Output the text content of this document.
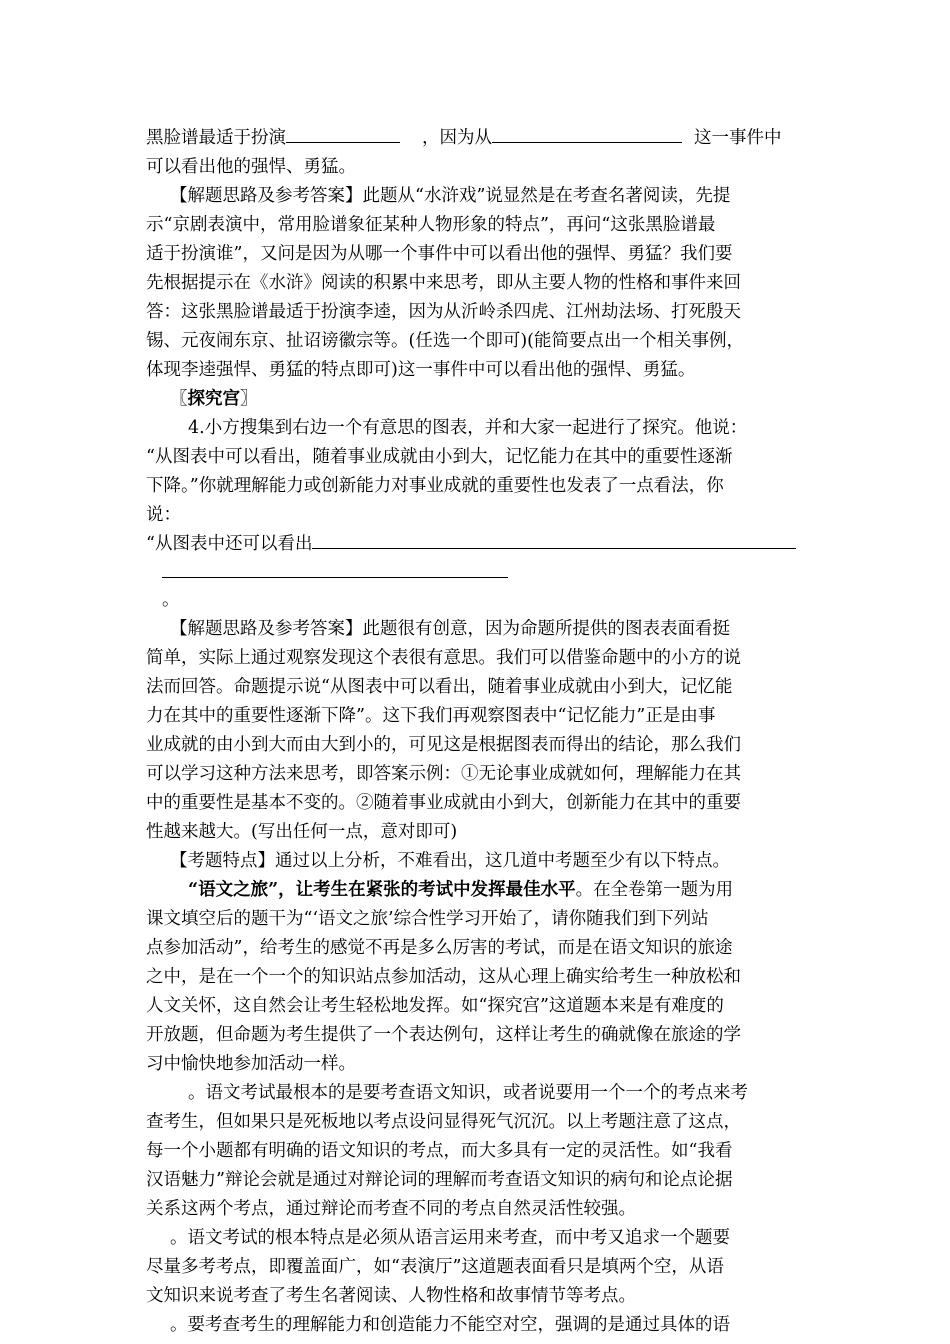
黑脸谱最适于扮演	，因为从	这一事件中
可以看出他的强悍、勇猛。
【解题思路及参考答案】此题从“水浒戏”说显然是在考查名著阅读，先提
示“京剧表演中，常用脸谱象征某种人物形象的特点”，再问“这张黑脸谱最
适于扮演谁”，又问是因为从哪一个事件中可以看出他的强悍、勇猛？我们要
先根据提示在《水浒》阅读的积累中来思考，即从主要人物的性格和事件来回
答：这张黑脸谱最适于扮演李逵，因为从沂岭杀四虎、江州劫法场、打死殷天
锡、元夜闹东京、扯诏谤徽宗等。(任选一个即可)(能简要点出一个相关事例，
体现李逵强悍、勇猛的特点即可)这一事件中可以看出他的强悍、勇猛。
〖探究宫〗
4.小方搜集到右边一个有意思的图表，并和大家一起进行了探究。他说：
“从图表中可以看出，随着事业成就由小到大，记忆能力在其中的重要性逐渐
下降。”你就理解能力或创新能力对事业成就的重要性也发表了一点看法，你
说：
“从图表中还可以看出
。
【解题思路及参考答案】此题很有创意，因为命题所提供的图表表面看挺
简单，实际上通过观察发现这个表很有意思。我们可以借鉴命题中的小方的说
法而回答。命题提示说“从图表中可以看出，随着事业成就由小到大，记忆能
力在其中的重要性逐渐下降”。这下我们再观察图表中“记忆能力”正是由事
业成就的由小到大而由大到小的，可见这是根据图表而得出的结论，那么我们
可以学习这种方法来思考，即答案示例：①无论事业成就如何，理解能力在其
中的重要性是基本不变的。②随着事业成就由小到大，创新能力在其中的重要
性越来越大。(写出任何一点，意对即可)
【考题特点】通过以上分析，不难看出，这几道中考题至少有以下特点。
“语文之旅”，让考生在紧张的考试中发挥最佳水平。在全卷第一题为用
课文填空后的题干为“‘语文之旅’综合性学习开始了，请你随我们到下列站
点参加活动”，给考生的感觉不再是多么厉害的考试，而是在语文知识的旅途
之中，是在一个一个的知识站点参加活动，这从心理上确实给考生一种放松和
人文关怀，这自然会让考生轻松地发挥。如“探究宫”这道题本来是有难度的
开放题，但命题为考生提供了一个表达例句，这样让考生的确就像在旅途的学
习中愉快地参加活动一样。
。语文考试最根本的是要考查语文知识，或者说要用一个一个的考点来考
查考生，但如果只是死板地以考点设问显得死气沉沉。以上考题注意了这点，
每一个小题都有明确的语文知识的考点，而大多具有一定的灵活性。如“我看
汉语魅力”辩论会就是通过对辩论词的理解而考查语文知识的病句和论点论据
关系这两个考点，通过辩论而考查不同的考点自然灵活性较强。
。语文考试的根本特点是必须从语言运用来考查，而中考又追求一个题要
尽量多考考点，即覆盖面广，如“表演厅”这道题表面看只是填两个空，从语
文知识来说考查了考生名著阅读、人物性格和故事情节等考点。
。要考查考生的理解能力和创造能力不能空对空，强调的是通过具体的语
